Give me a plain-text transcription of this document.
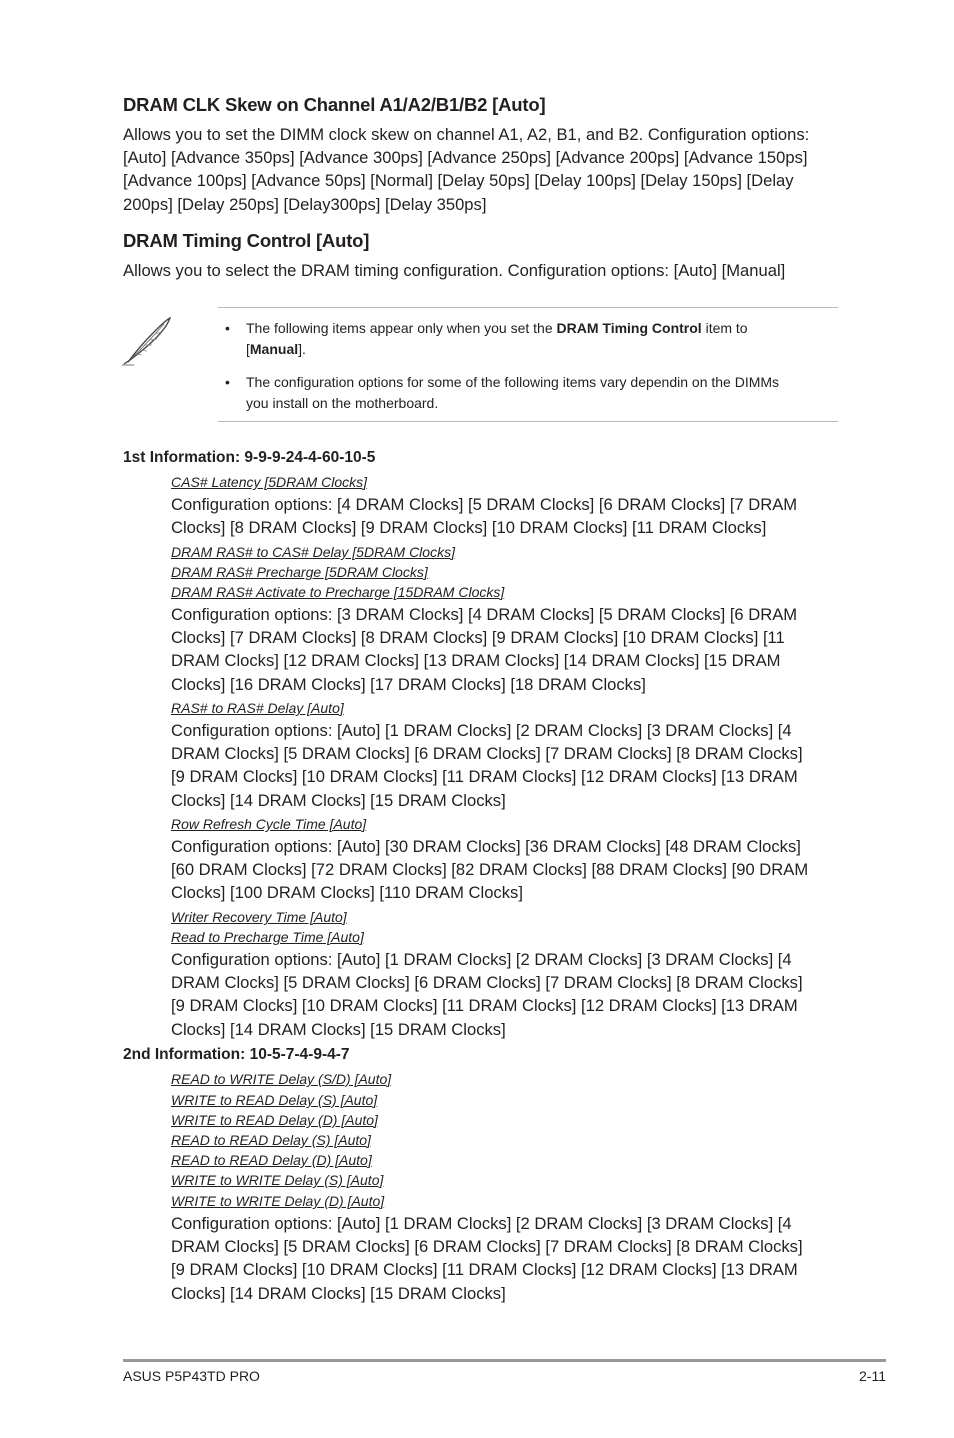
DRAM CLK Skew on Channel A1/A2/B1/B2 [Auto]
Allows you to set the DIMM clock skew on channel A1, A2, B1, and B2. Configuration options:
[Auto] [Advance 350ps] [Advance 300ps] [Advance 250ps] [Advance 200ps] [Advance 150ps]
[Advance 100ps] [Advance 50ps] [Normal] [Delay 50ps] [Delay 100ps] [Delay 150ps] [Delay
200ps] [Delay 250ps] [Delay300ps] [Delay 350ps]
DRAM Timing Control [Auto]
Allows you to select the DRAM timing configuration. Configuration options: [Auto] [Manual]
• The following items appear only when you set the DRAM Timing Control item to
[Manual].
• The configuration options for some of the following items vary dependin on the DIMMs
you install on the motherboard.
1st Information: 9-9-9-24-4-60-10-5
CAS# Latency [5DRAM Clocks]
Configuration options: [4 DRAM Clocks] [5 DRAM Clocks] [6 DRAM Clocks] [7 DRAM
Clocks] [8 DRAM Clocks] [9 DRAM Clocks] [10 DRAM Clocks] [11 DRAM Clocks]
DRAM RAS# to CAS# Delay [5DRAM Clocks]
DRAM RAS# Precharge [5DRAM Clocks]
DRAM RAS# Activate to Precharge [15DRAM Clocks]
Configuration options: [3 DRAM Clocks] [4 DRAM Clocks] [5 DRAM Clocks] [6 DRAM
Clocks] [7 DRAM Clocks] [8 DRAM Clocks] [9 DRAM Clocks] [10 DRAM Clocks] [11
DRAM Clocks] [12 DRAM Clocks] [13 DRAM Clocks] [14 DRAM Clocks] [15 DRAM
Clocks] [16 DRAM Clocks] [17 DRAM Clocks] [18 DRAM Clocks]
RAS# to RAS# Delay [Auto]
Configuration options: [Auto] [1 DRAM Clocks] [2 DRAM Clocks] [3 DRAM Clocks] [4
DRAM Clocks] [5 DRAM Clocks] [6 DRAM Clocks] [7 DRAM Clocks] [8 DRAM Clocks]
[9 DRAM Clocks] [10 DRAM Clocks] [11 DRAM Clocks] [12 DRAM Clocks] [13 DRAM
Clocks] [14 DRAM Clocks] [15 DRAM Clocks]
Row Refresh Cycle Time [Auto]
Configuration options: [Auto] [30 DRAM Clocks] [36 DRAM Clocks] [48 DRAM Clocks]
[60 DRAM Clocks] [72 DRAM Clocks] [82 DRAM Clocks] [88 DRAM Clocks] [90 DRAM
Clocks] [100 DRAM Clocks] [110 DRAM Clocks]
Writer Recovery Time [Auto]
Read to Precharge Time [Auto]
Configuration options: [Auto] [1 DRAM Clocks] [2 DRAM Clocks] [3 DRAM Clocks] [4
DRAM Clocks] [5 DRAM Clocks] [6 DRAM Clocks] [7 DRAM Clocks] [8 DRAM Clocks]
[9 DRAM Clocks] [10 DRAM Clocks] [11 DRAM Clocks] [12 DRAM Clocks] [13 DRAM
Clocks] [14 DRAM Clocks] [15 DRAM Clocks]
2nd Information: 10-5-7-4-9-4-7
READ to WRITE Delay (S/D) [Auto]
WRITE to READ Delay (S) [Auto]
WRITE to READ Delay (D) [Auto]
READ to READ Delay (S) [Auto]
READ to READ Delay (D) [Auto]
WRITE to WRITE Delay (S) [Auto]
WRITE to WRITE Delay (D) [Auto]
Configuration options: [Auto] [1 DRAM Clocks] [2 DRAM Clocks] [3 DRAM Clocks] [4
DRAM Clocks] [5 DRAM Clocks] [6 DRAM Clocks] [7 DRAM Clocks] [8 DRAM Clocks]
[9 DRAM Clocks] [10 DRAM Clocks] [11 DRAM Clocks] [12 DRAM Clocks] [13 DRAM
Clocks] [14 DRAM Clocks] [15 DRAM Clocks]
ASUS P5P43TD PRO	2-11
